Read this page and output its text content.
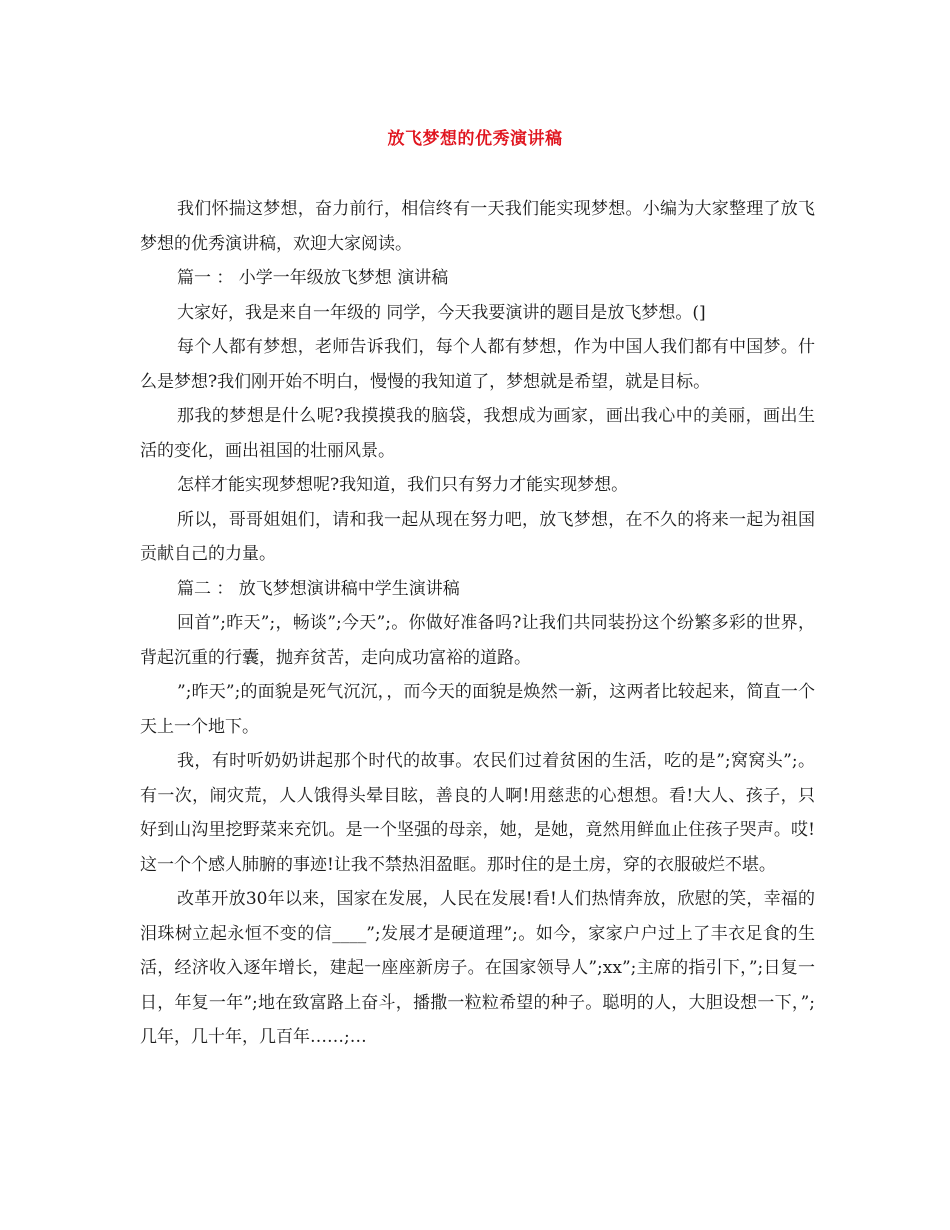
放飞梦想的优秀演讲稿

我们怀揣这梦想，奋力前行，相信终有一天我们能实现梦想。小编为大家整理了放飞梦想的优秀演讲稿，欢迎大家阅读。

篇一 ： 小学一年级放飞梦想 演讲稿

大家好，我是来自一年级的 同学，今天我要演讲的题目是放飞梦想。(]

每个人都有梦想，老师告诉我们，每个人都有梦想，作为中国人我们都有中国梦。什么是梦想?我们刚开始不明白，慢慢的我知道了，梦想就是希望，就是目标。

那我的梦想是什么呢?我摸摸我的脑袋，我想成为画家，画出我心中的美丽，画出生活的变化，画出祖国的壮丽风景。

怎样才能实现梦想呢?我知道，我们只有努力才能实现梦想。

所以，哥哥姐姐们，请和我一起从现在努力吧，放飞梦想，在不久的将来一起为祖国贡献自己的力量。

篇二 ： 放飞梦想演讲稿中学生演讲稿

回首”;昨天”;，畅谈”;今天”;。你做好准备吗?让我们共同装扮这个纷繁多彩的世界，背起沉重的行囊，抛弃贫苦，走向成功富裕的道路。

”;昨天”;的面貌是死气沉沉，，而今天的面貌是焕然一新，这两者比较起来，简直一个天上一个地下。

我，有时听奶奶讲起那个时代的故事。农民们过着贫困的生活，吃的是”;窝窝头”;。有一次，闹灾荒，人人饿得头晕目眩，善良的人啊!用慈悲的心想想。看!大人、孩子，只好到山沟里挖野菜来充饥。是一个坚强的母亲，她，是她，竟然用鲜血止住孩子哭声。哎!这一个个感人肺腑的事迹!让我不禁热泪盈眶。那时住的是土房，穿的衣服破烂不堪。

改革开放30年以来，国家在发展，人民在发展!看!人们热情奔放，欣慰的笑，幸福的泪珠树立起永恒不变的信____”;发展才是硬道理”;。如今，家家户户过上了丰衣足食的生活，经济收入逐年增长，建起一座座新房子。在国家领导人”;xx”;主席的指引下，”;日复一日，年复一年”;地在致富路上奋斗，播撒一粒粒希望的种子。聪明的人，大胆设想一下，”;几年，几十年，几百年……;…
